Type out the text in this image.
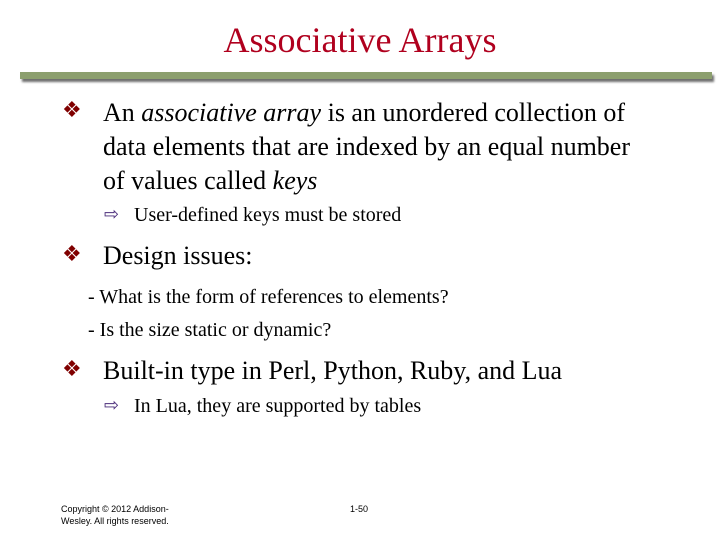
Associative Arrays
❖ An associative array is an unordered collection of
data elements that are indexed by an equal number
of values called keys
⇨ User-defined keys must be stored
❖ Design issues:
- What is the form of references to elements?
- Is the size static or dynamic?
❖ Built-in type in Perl, Python, Ruby, and Lua
⇨ In Lua, they are supported by tables
Copyright © 2012 Addison-
Wesley. All rights reserved.
1-50
